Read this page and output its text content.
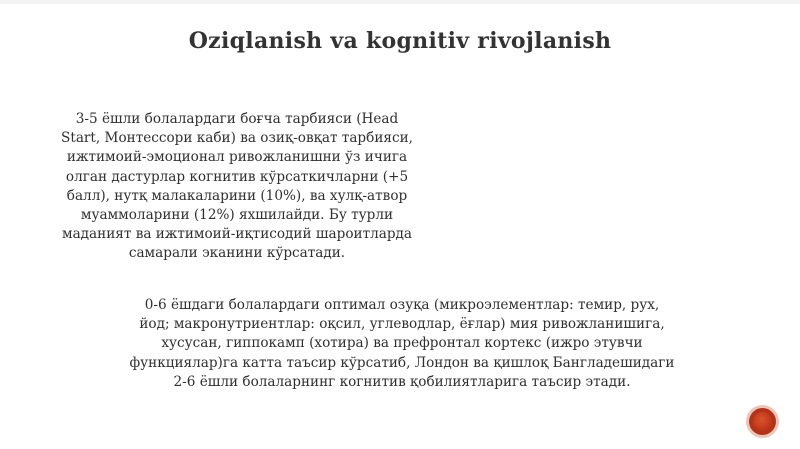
Oziqlanish va kognitiv rivojlanish

3-5 ёшли болалардаги боғча тарбияси (Head Start, Монтессори каби) ва озиқ-овқат тарбияси, ижтимоий-эмоционал ривожланишни ўз ичига олган дастурлар когнитив кўрсаткичларни (+5 балл), нутқ малакаларини (10%), ва хулқ-атвор муаммоларини (12%) яхшилайди. Бу турли маданият ва ижтимоий-иқтисодий шароитларда самарали эканини кўрсатади.

0-6 ёшдаги болалардаги оптимал озуқа (микроэлементлар: темир, рух, йод; макронутриентлар: оқсил, углеводлар, ёғлар) мия ривожланишига, хусусан, гиппокамп (хотира) ва префронтал кортекс (ижро этувчи функциялар)га катта таъсир кўрсатиб, Лондон ва қишлоқ Бангладешидаги 2-6 ёшли болаларнинг когнитив қобилиятларига таъсир этади.
